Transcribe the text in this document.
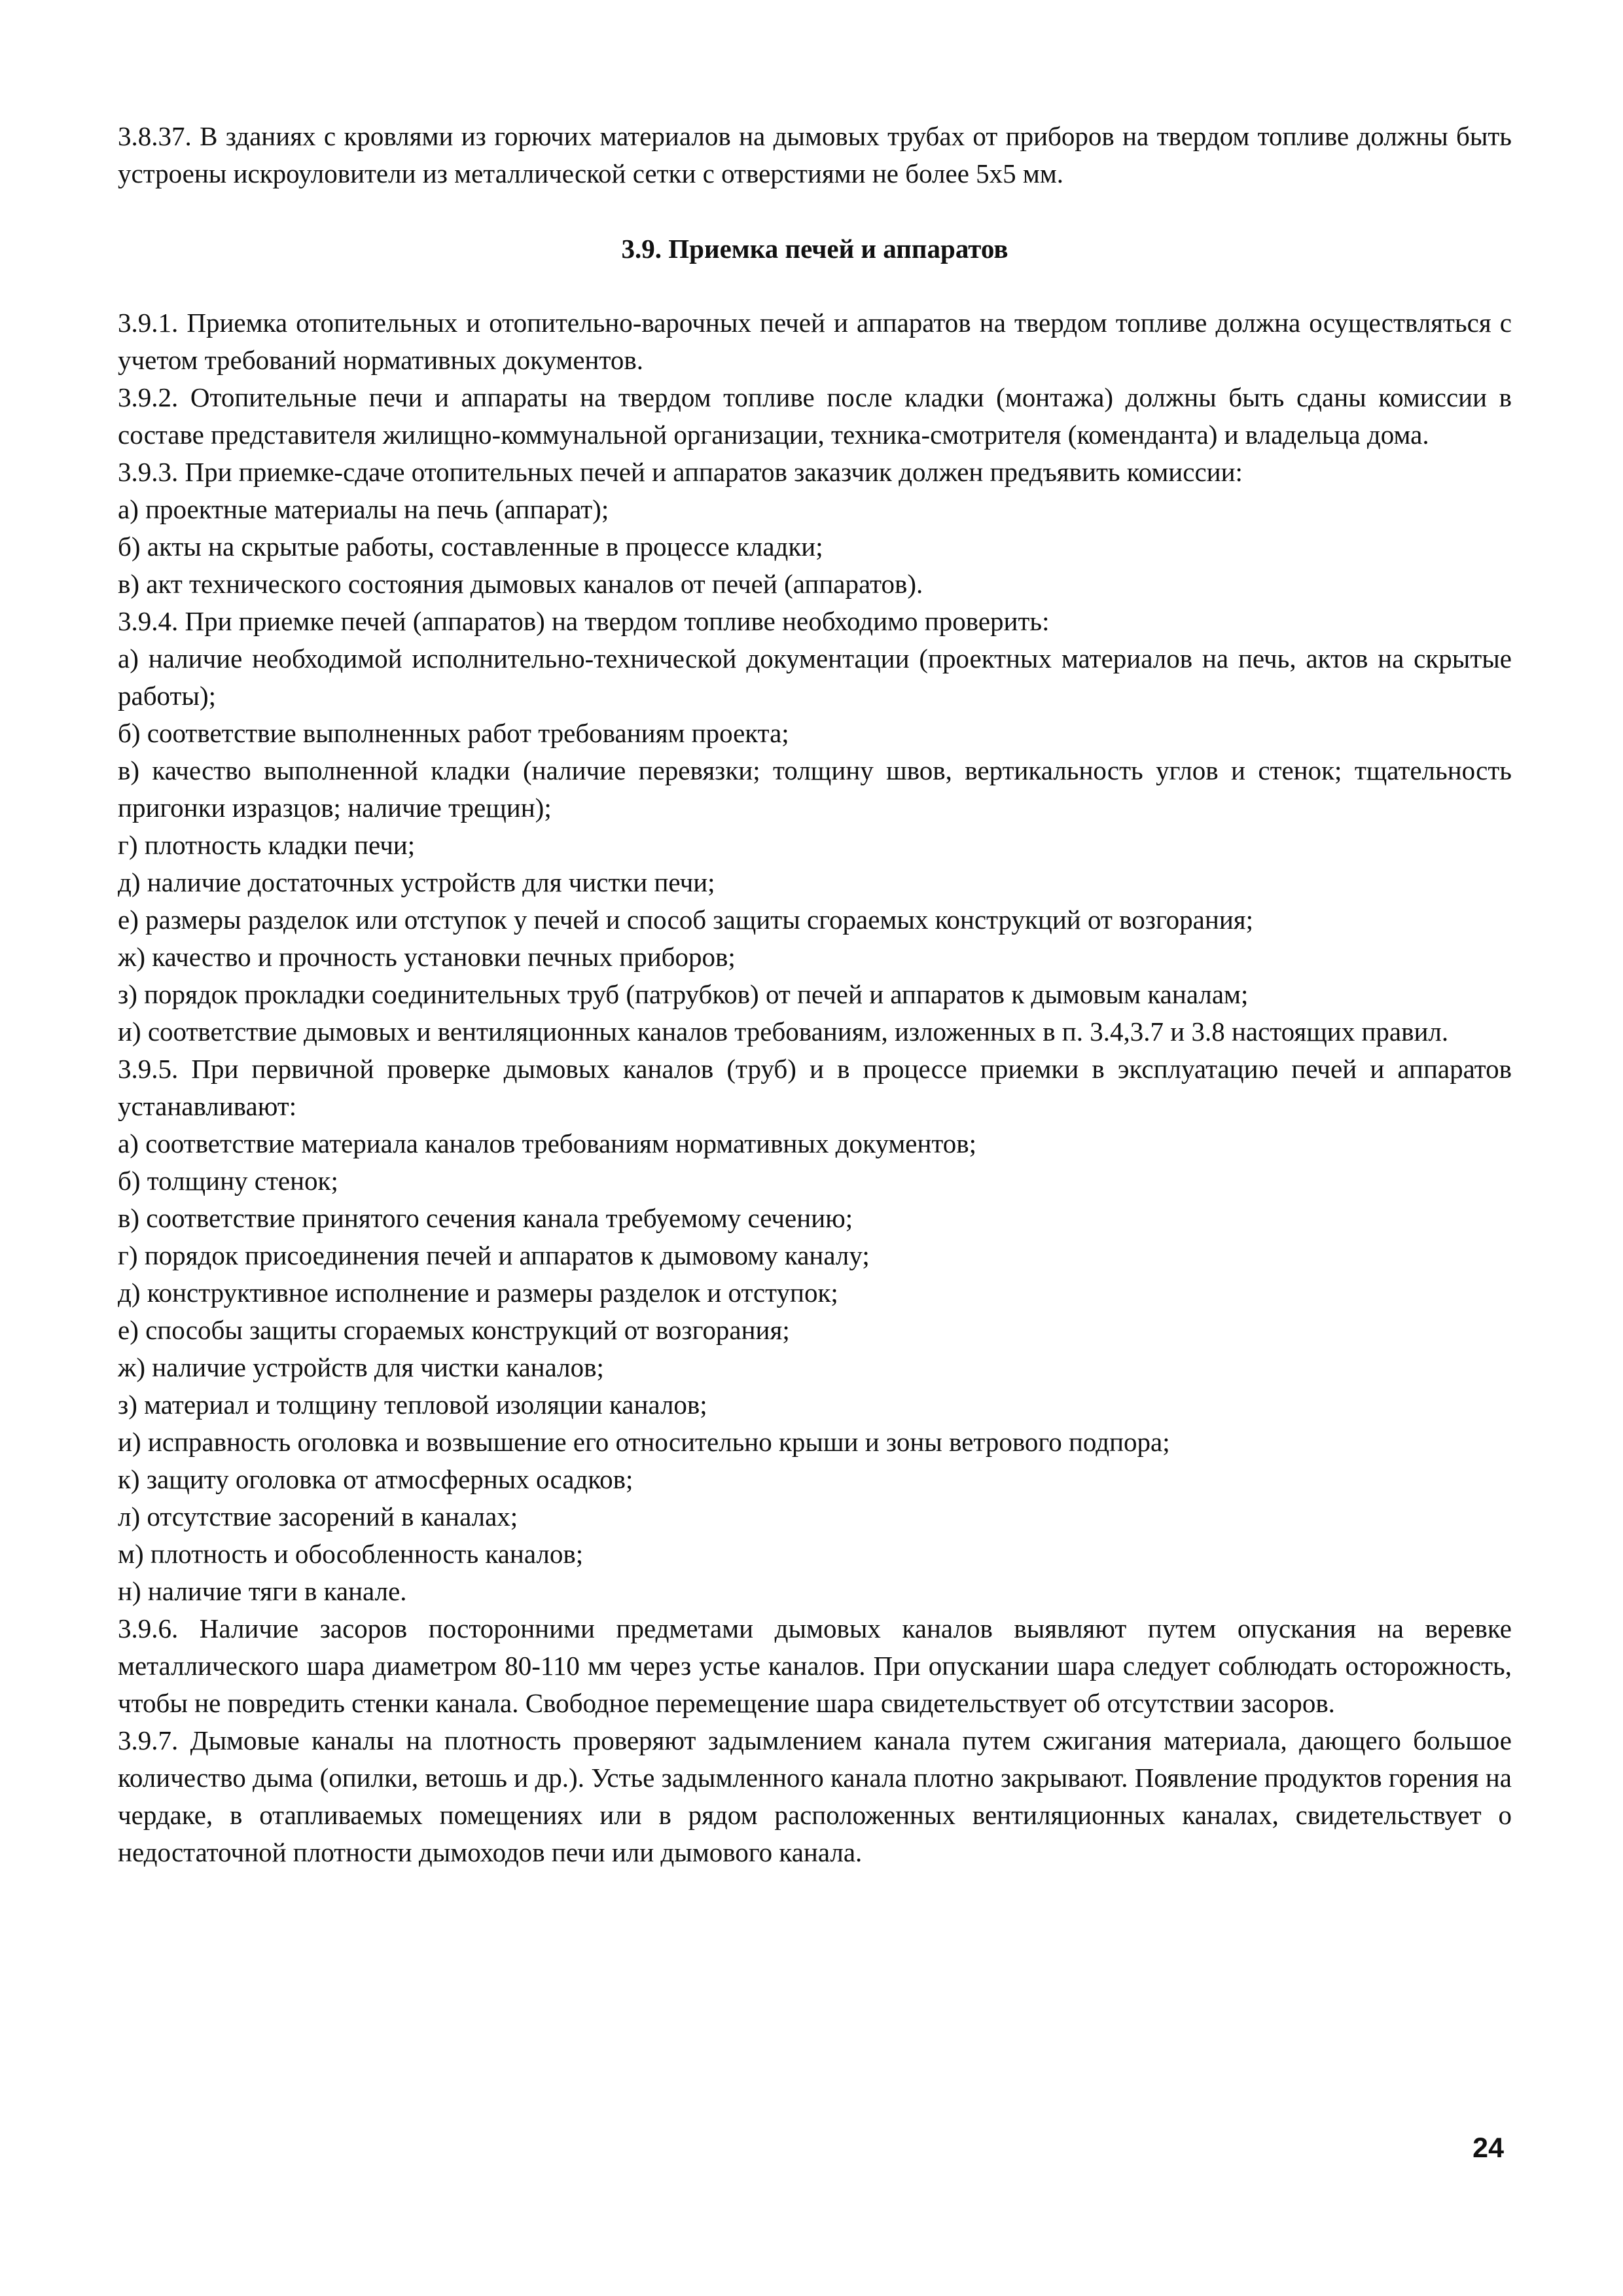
3.8.37. В зданиях с кровлями из горючих материалов на дымовых трубах от приборов на твердом топливе должны быть устроены искроуловители из металлической сетки с отверстиями не более 5х5 мм.

3.9. Приемка печей и аппаратов

3.9.1. Приемка отопительных и отопительно-варочных печей и аппаратов на твердом топливе должна осуществляться с учетом требований нормативных документов.

3.9.2. Отопительные печи и аппараты на твердом топливе после кладки (монтажа) должны быть сданы комиссии в составе представителя жилищно-коммунальной организации, техника-смотрителя (коменданта) и владельца дома.

3.9.3. При приемке-сдаче отопительных печей и аппаратов заказчик должен предъявить комиссии:

а) проектные материалы на печь (аппарат);

б) акты на скрытые работы, составленные в процессе кладки;

в) акт технического состояния дымовых каналов от печей (аппаратов).

3.9.4. При приемке печей (аппаратов) на твердом топливе необходимо проверить:

а) наличие необходимой исполнительно-технической документации (проектных материалов на печь, актов на скрытые работы);

б) соответствие выполненных работ требованиям проекта;

в) качество выполненной кладки (наличие перевязки; толщину швов, вертикальность углов и стенок; тщательность пригонки изразцов; наличие трещин);

г) плотность кладки печи;

д) наличие достаточных устройств для чистки печи;

е) размеры разделок или отступок у печей и способ защиты сгораемых конструкций от возгорания;

ж) качество и прочность установки печных приборов;

з) порядок прокладки соединительных труб (патрубков) от печей и аппаратов к дымовым каналам;

и) соответствие дымовых и вентиляционных каналов требованиям, изложенных в п. 3.4,3.7 и 3.8 настоящих правил.

3.9.5. При первичной проверке дымовых каналов (труб) и в процессе приемки в эксплуатацию печей и аппаратов устанавливают:

а) соответствие материала каналов требованиям нормативных документов;

б) толщину стенок;

в) соответствие принятого сечения канала требуемому сечению;

г) порядок присоединения печей и аппаратов к дымовому каналу;

д) конструктивное исполнение и размеры разделок и отступок;

е) способы защиты сгораемых конструкций от возгорания;

ж) наличие устройств для чистки каналов;

з) материал и толщину тепловой изоляции каналов;

и) исправность оголовка и возвышение его относительно крыши и зоны ветрового подпора;

к) защиту оголовка от атмосферных осадков;

л) отсутствие засорений в каналах;

м) плотность и обособленность каналов;

н) наличие тяги в канале.

3.9.6. Наличие засоров посторонними предметами дымовых каналов выявляют путем опускания на веревке металлического шара диаметром 80-110 мм через устье каналов. При опускании шара следует соблюдать осторожность, чтобы не повредить стенки канала. Свободное перемещение шара свидетельствует об отсутствии засоров.

3.9.7. Дымовые каналы на плотность проверяют задымлением канала путем сжигания материала, дающего большое количество дыма (опилки, ветошь и др.). Устье задымленного канала плотно закрывают. Появление продуктов горения на чердаке, в отапливаемых помещениях или в рядом расположенных вентиляционных каналах, свидетельствует о недостаточной плотности дымоходов печи или дымового канала.

24
